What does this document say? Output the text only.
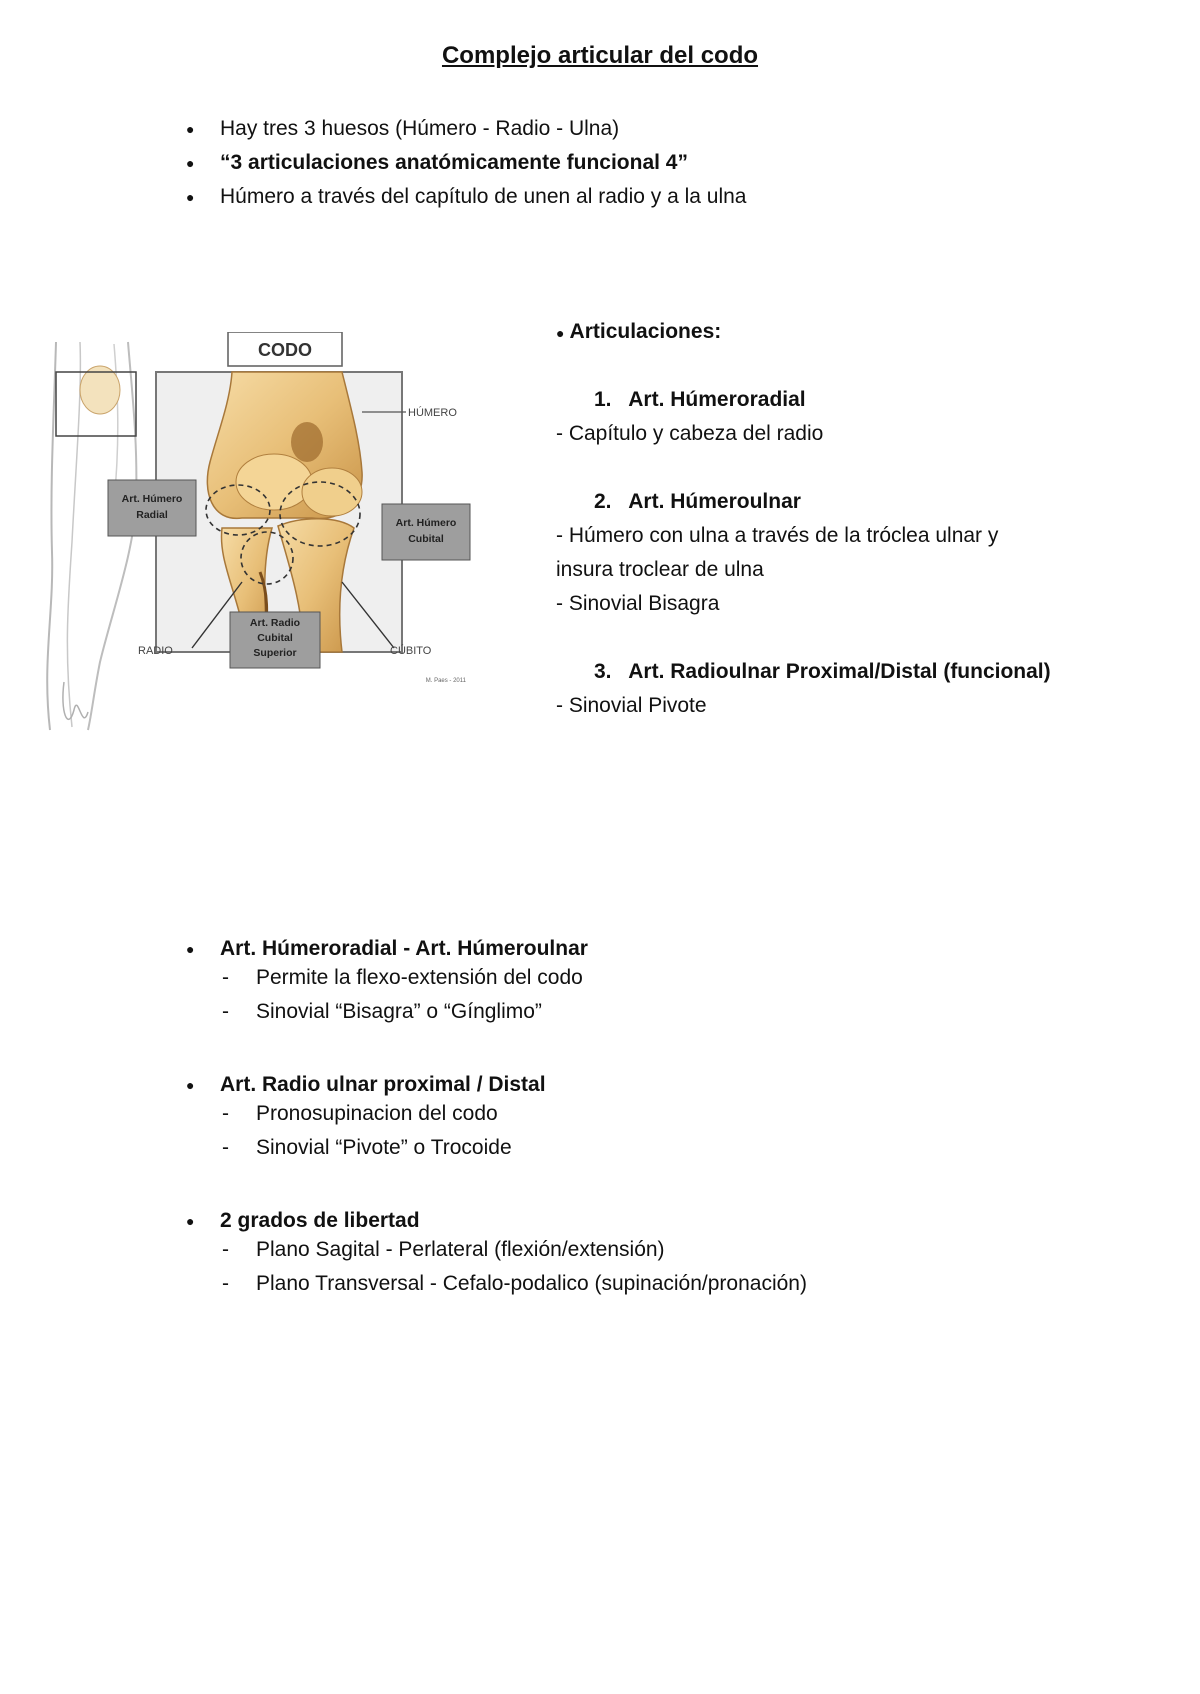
Complejo articular del codo
● Hay tres 3 huesos (Húmero - Radio - Ulna)
● “3 articulaciones anatómicamente funcional 4”
● Húmero a través del capítulo de unen al radio y a la ulna
CODO
HÚMERO
Art. Húmero
Radial
Art. Húmero
Cubital
Art. Radio
Cubital
Superior
RADIO	CÚBITO
M. Paes - 2011
● Articulaciones:
1. Art. Húmeroradial
- Capítulo y cabeza del radio
2. Art. Húmeroulnar
- Húmero con ulna a través de la tróclea ulnar y
insura troclear de ulna
- Sinovial Bisagra
3. Art. Radioulnar Proximal/Distal (funcional)
- Sinovial Pivote
● Art. Húmeroradial - Art. Húmeroulnar
- Permite la flexo-extensión del codo
- Sinovial “Bisagra” o “Gínglimo”
● Art. Radio ulnar proximal / Distal
- Pronosupinacion del codo
- Sinovial “Pivote” o Trocoide
● 2 grados de libertad
- Plano Sagital - Perlateral (flexión/extensión)
- Plano Transversal - Cefalo-podalico (supinación/pronación)
